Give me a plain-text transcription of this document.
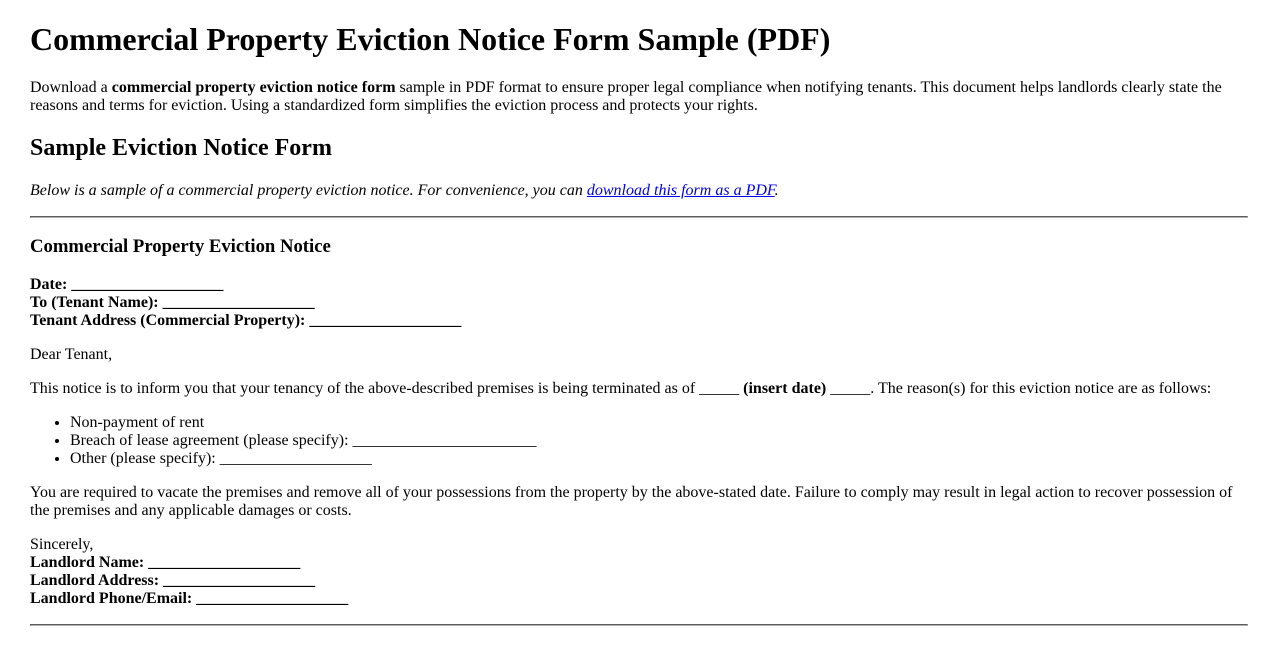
Commercial Property Eviction Notice Form Sample (PDF)

Download a commercial property eviction notice form sample in PDF format to ensure proper legal compliance when notifying tenants. This document helps landlords clearly state the reasons and terms for eviction. Using a standardized form simplifies the eviction process and protects your rights.

Sample Eviction Notice Form

Below is a sample of a commercial property eviction notice. For convenience, you can download this form as a PDF.

Commercial Property Eviction Notice

Date: ___________________
To (Tenant Name): ___________________
Tenant Address (Commercial Property): ___________________

Dear Tenant,

This notice is to inform you that your tenancy of the above-described premises is being terminated as of _____ (insert date) _____. The reason(s) for this eviction notice are as follows:

• Non-payment of rent
• Breach of lease agreement (please specify): _______________________
• Other (please specify): ___________________

You are required to vacate the premises and remove all of your possessions from the property by the above-stated date. Failure to comply may result in legal action to recover possession of the premises and any applicable damages or costs.

Sincerely,
Landlord Name: ___________________
Landlord Address: ___________________
Landlord Phone/Email: ___________________
